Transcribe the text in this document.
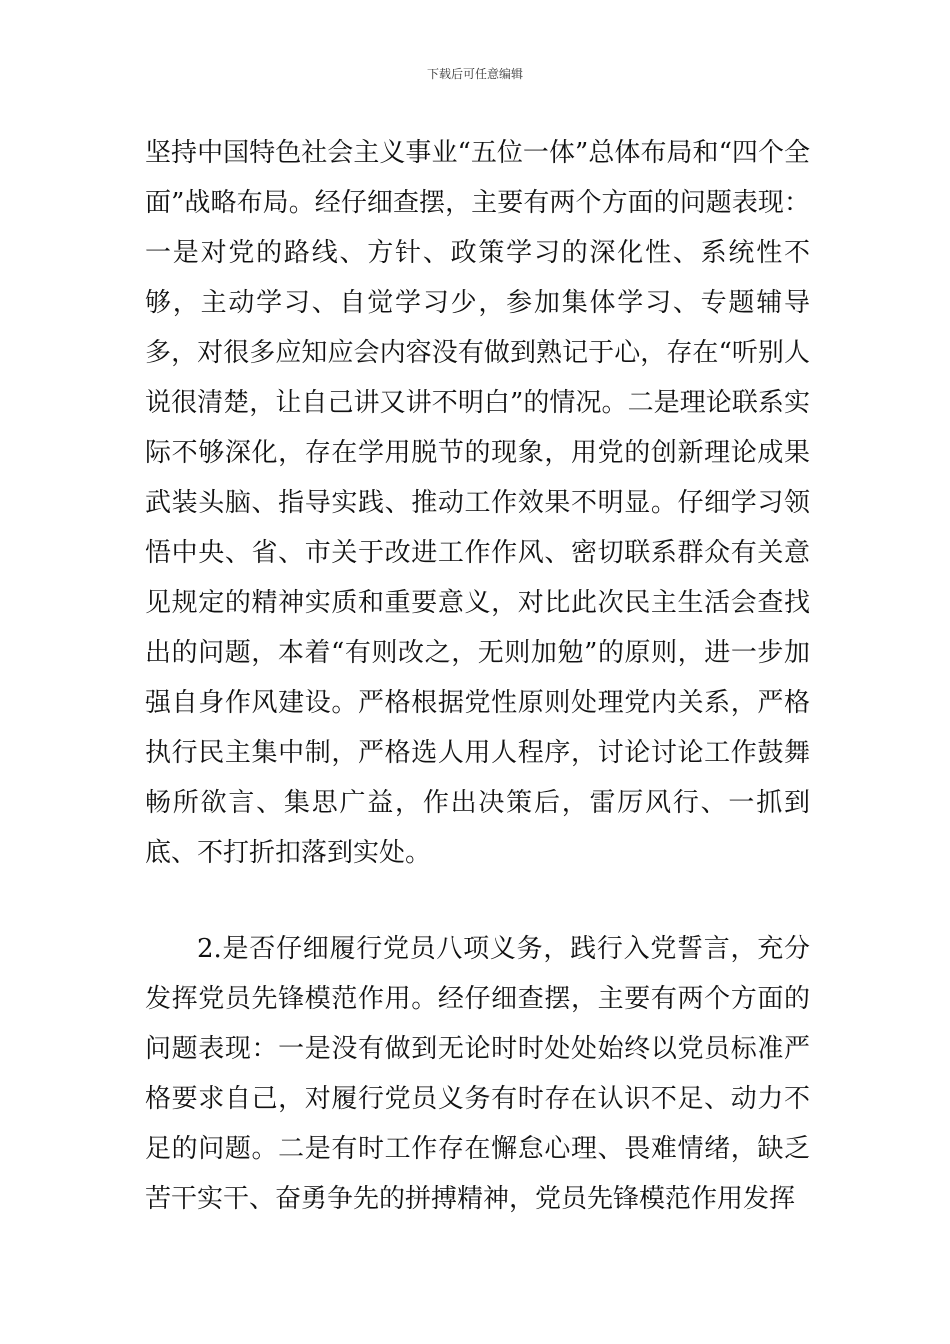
下载后可任意编辑

坚持中国特色社会主义事业“五位一体”总体布局和“四个全面”战略布局。经仔细查摆，主要有两个方面的问题表现：一是对党的路线、方针、政策学习的深化性、系统性不够，主动学习、自觉学习少，参加集体学习、专题辅导多，对很多应知应会内容没有做到熟记于心，存在“听别人说很清楚，让自己讲又讲不明白”的情况。二是理论联系实际不够深化，存在学用脱节的现象，用党的创新理论成果武装头脑、指导实践、推动工作效果不明显。仔细学习领悟中央、省、市关于改进工作作风、密切联系群众有关意见规定的精神实质和重要意义，对比此次民主生活会查找出的问题，本着“有则改之，无则加勉”的原则，进一步加强自身作风建设。严格根据党性原则处理党内关系，严格执行民主集中制，严格选人用人程序，讨论讨论工作鼓舞畅所欲言、集思广益，作出决策后，雷厉风行、一抓到底、不打折扣落到实处。

2.是否仔细履行党员八项义务，践行入党誓言，充分发挥党员先锋模范作用。经仔细查摆，主要有两个方面的问题表现：一是没有做到无论时时处处始终以党员标准严格要求自己，对履行党员义务有时存在认识不足、动力不足的问题。二是有时工作存在懈怠心理、畏难情绪，缺乏苦干实干、奋勇争先的拼搏精神，党员先锋模范作用发挥
